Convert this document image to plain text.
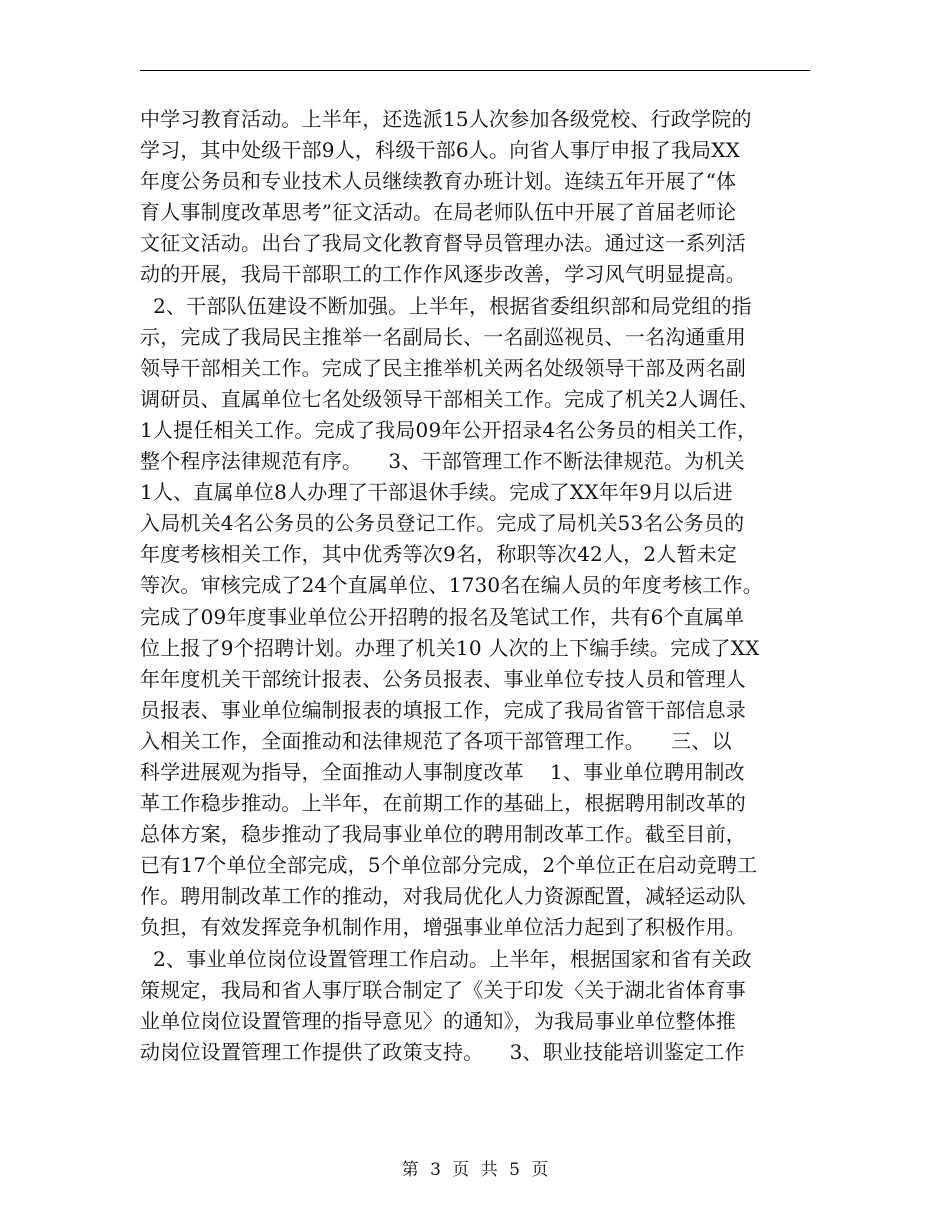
中学习教育活动。上半年，还选派15人次参加各级党校、行政学院的
学习，其中处级干部9人，科级干部6人。向省人事厅申报了我局XX
年度公务员和专业技术人员继续教育办班计划。连续五年开展了“体
育人事制度改革思考”征文活动。在局老师队伍中开展了首届老师论
文征文活动。出台了我局文化教育督导员管理办法。通过这一系列活
动的开展，我局干部职工的工作作风逐步改善，学习风气明显提高。
2、干部队伍建设不断加强。上半年，根据省委组织部和局党组的指
示，完成了我局民主推举一名副局长、一名副巡视员、一名沟通重用
领导干部相关工作。完成了民主推举机关两名处级领导干部及两名副
调研员、直属单位七名处级领导干部相关工作。完成了机关2人调任、
1人提任相关工作。完成了我局09年公开招录4名公务员的相关工作，
整个程序法律规范有序。    3、干部管理工作不断法律规范。为机关
1人、直属单位8人办理了干部退休手续。完成了XX年年9月以后进
入局机关4名公务员的公务员登记工作。完成了局机关53名公务员的
年度考核相关工作，其中优秀等次9名，称职等次42人，2人暂未定
等次。审核完成了24个直属单位、1730名在编人员的年度考核工作。
完成了09年度事业单位公开招聘的报名及笔试工作，共有6个直属单
位上报了9个招聘计划。办理了机关10 人次的上下编手续。完成了XX
年年度机关干部统计报表、公务员报表、事业单位专技人员和管理人
员报表、事业单位编制报表的填报工作，完成了我局省管干部信息录
入相关工作，全面推动和法律规范了各项干部管理工作。    三、以
科学进展观为指导，全面推动人事制度改革    1、事业单位聘用制改
革工作稳步推动。上半年，在前期工作的基础上，根据聘用制改革的
总体方案，稳步推动了我局事业单位的聘用制改革工作。截至目前，
已有17个单位全部完成，5个单位部分完成，2个单位正在启动竞聘工
作。聘用制改革工作的推动，对我局优化人力资源配置，减轻运动队
负担，有效发挥竞争机制作用，增强事业单位活力起到了积极作用。
2、事业单位岗位设置管理工作启动。上半年，根据国家和省有关政
策规定，我局和省人事厅联合制定了《关于印发〈关于湖北省体育事
业单位岗位设置管理的指导意见〉的通知》，为我局事业单位整体推
动岗位设置管理工作提供了政策支持。    3、职业技能培训鉴定工作
第 3 页 共 5 页
